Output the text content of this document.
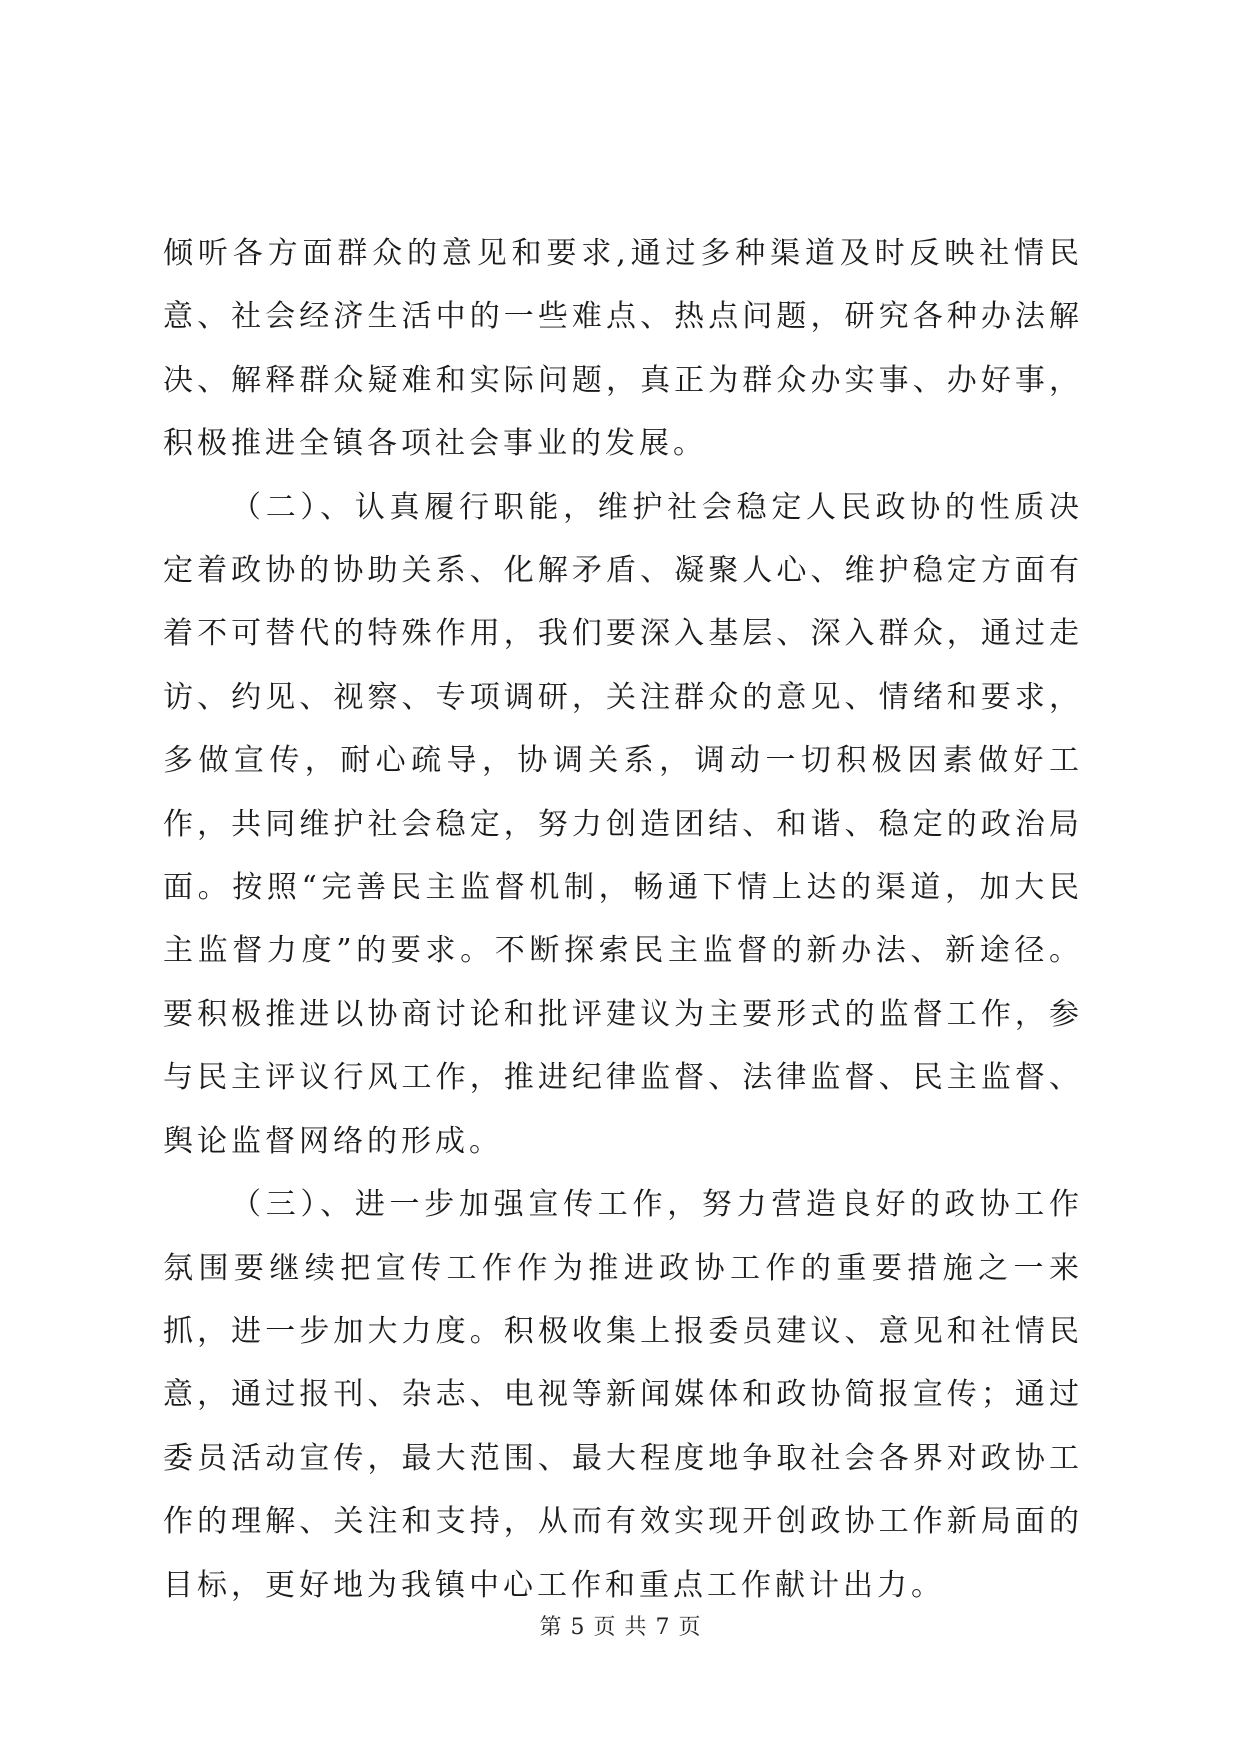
倾听各方面群众的意见和要求,通过多种渠道及时反映社情民意、社会经济生活中的一些难点、热点问题，研究各种办法解决、解释群众疑难和实际问题，真正为群众办实事、办好事，积极推进全镇各项社会事业的发展。

（二）、认真履行职能，维护社会稳定人民政协的性质决定着政协的协助关系、化解矛盾、凝聚人心、维护稳定方面有着不可替代的特殊作用，我们要深入基层、深入群众，通过走访、约见、视察、专项调研，关注群众的意见、情绪和要求，多做宣传，耐心疏导，协调关系，调动一切积极因素做好工作，共同维护社会稳定，努力创造团结、和谐、稳定的政治局面。按照“完善民主监督机制，畅通下情上达的渠道，加大民主监督力度”的要求。不断探索民主监督的新办法、新途径。要积极推进以协商讨论和批评建议为主要形式的监督工作，参与民主评议行风工作，推进纪律监督、法律监督、民主监督、舆论监督网络的形成。

（三）、进一步加强宣传工作，努力营造良好的政协工作氛围要继续把宣传工作作为推进政协工作的重要措施之一来抓，进一步加大力度。积极收集上报委员建议、意见和社情民意，通过报刊、杂志、电视等新闻媒体和政协简报宣传；通过委员活动宣传，最大范围、最大程度地争取社会各界对政协工作的理解、关注和支持，从而有效实现开创政协工作新局面的目标，更好地为我镇中心工作和重点工作献计出力。

第 5 页 共 7 页
